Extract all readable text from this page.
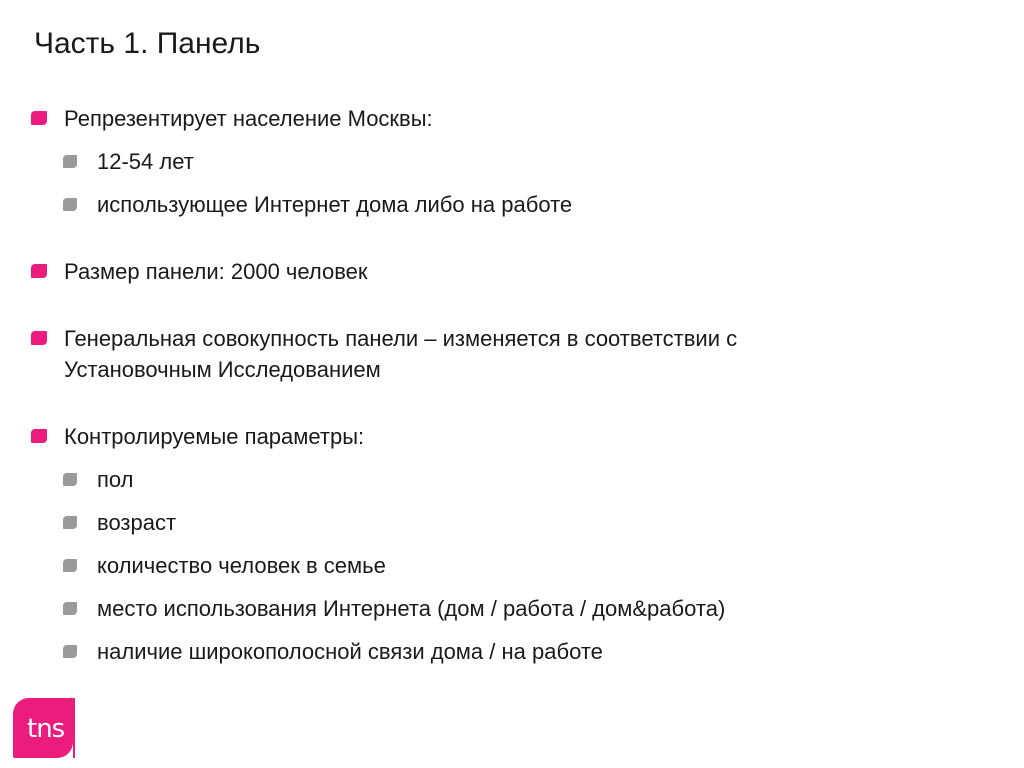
Часть 1. Панель
Репрезентирует население Москвы:
12-54 лет
использующее Интернет дома либо на работе
Размер панели: 2000 человек
Генеральная совокупность панели – изменяется в соответствии с Установочным Исследованием
Контролируемые параметры:
пол
возраст
количество человек в семье
место использования Интернета (дом / работа / дом&работа)
наличие широкополосной связи дома / на работе
tns
™
